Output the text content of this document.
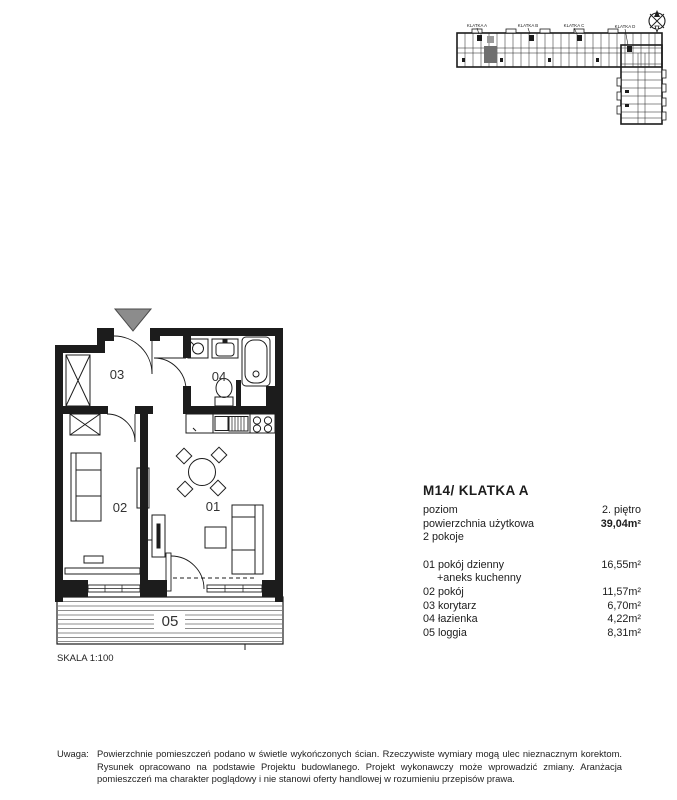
KLATKA A	KLATKA B	KLATKA C	KLATKA D
03	04
02	01
05
SKALA 1:100

M14/ KLATKA A

poziom	2. piętro
powierzchnia użytkowa	39,04m²
2 pokoje
01 pokój dzienny	16,55m²
+aneks kuchenny
02 pokój	11,57m²
03 korytarz	6,70m²
04 łazienka	4,22m²
05 loggia	8,31m²
Uwaga: Powierzchnie pomieszczeń podano w świetle wykończonych ścian. Rzeczywiste wymiary mogą ulec nieznacznym korektom. Rysunek opracowano na podstawie Projektu budowlanego. Projekt wykonawczy może wprowadzić zmiany. Aranżacja pomieszczeń ma charakter poglądowy i nie stanowi oferty handlowej w rozumieniu przepisów prawa.
